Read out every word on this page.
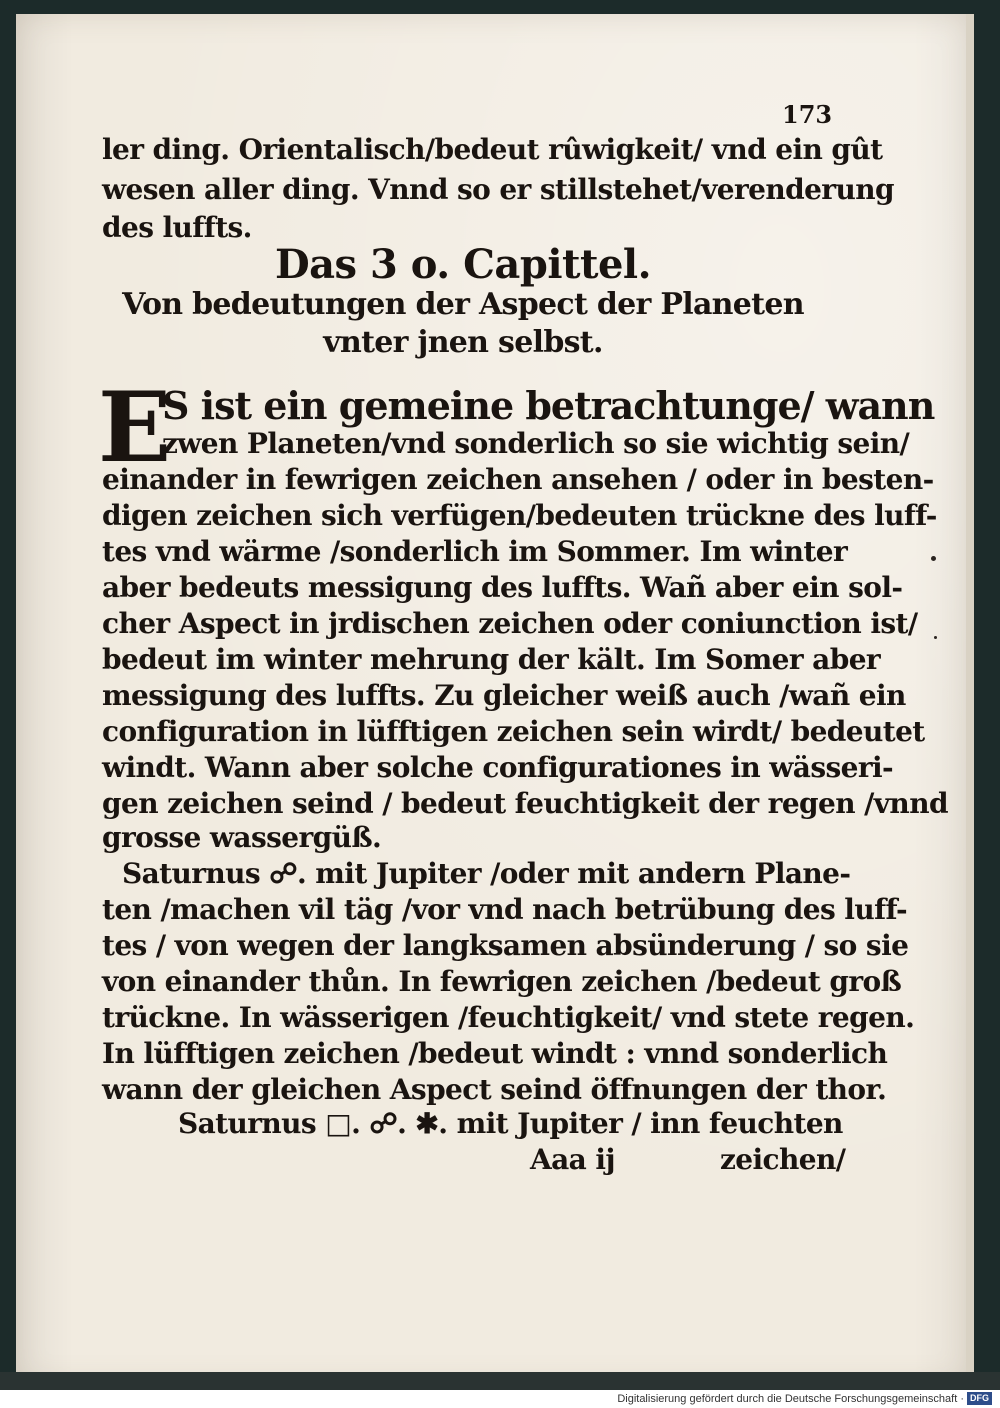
173
ler ding. Orientalisch/bedeut rûwigkeit/ vnd ein gût
wesen aller ding. Vnnd so er stillstehet/verenderung
des luffts.
Das 3 o. Capittel.
Von bedeutungen der Aspect der Planeten
vnter jnen selbst.
E
S ist ein gemeine betrachtunge/ wann
zwen Planeten/vnd sonderlich so sie wichtig sein/
einander in fewrigen zeichen ansehen / oder in besten-
digen zeichen sich verfügen/bedeuten trückne des luff-
tes vnd wärme /sonderlich im Sommer. Im winter
aber bedeuts messigung des luffts. Wañ aber ein sol-
cher Aspect in jrdischen zeichen oder coniunction ist/
bedeut im winter mehrung der kält. Im Somer aber
messigung des luffts. Zu gleicher weiß auch /wañ ein
configuration in lüfftigen zeichen sein wirdt/ bedeutet
windt. Wann aber solche configurationes in wässeri-
gen zeichen seind / bedeut feuchtigkeit der regen /vnnd
grosse wassergüß.
Saturnus ☍. mit Jupiter /oder mit andern Plane-
ten /machen vil täg /vor vnd nach betrübung des luff-
tes / von wegen der langksamen absünderung / so sie
von einander thůn. In fewrigen zeichen /bedeut groß
trückne. In wässerigen /feuchtigkeit/ vnd stete regen.
In lüfftigen zeichen /bedeut windt : vnnd sonderlich
wann der gleichen Aspect seind öffnungen der thor.
Saturnus □. ☍. ✱. mit Jupiter / inn feuchten
Aaa ij	zeichen/
Digitalisierung gefördert durch die Deutsche Forschungsgemeinschaft · DFG
